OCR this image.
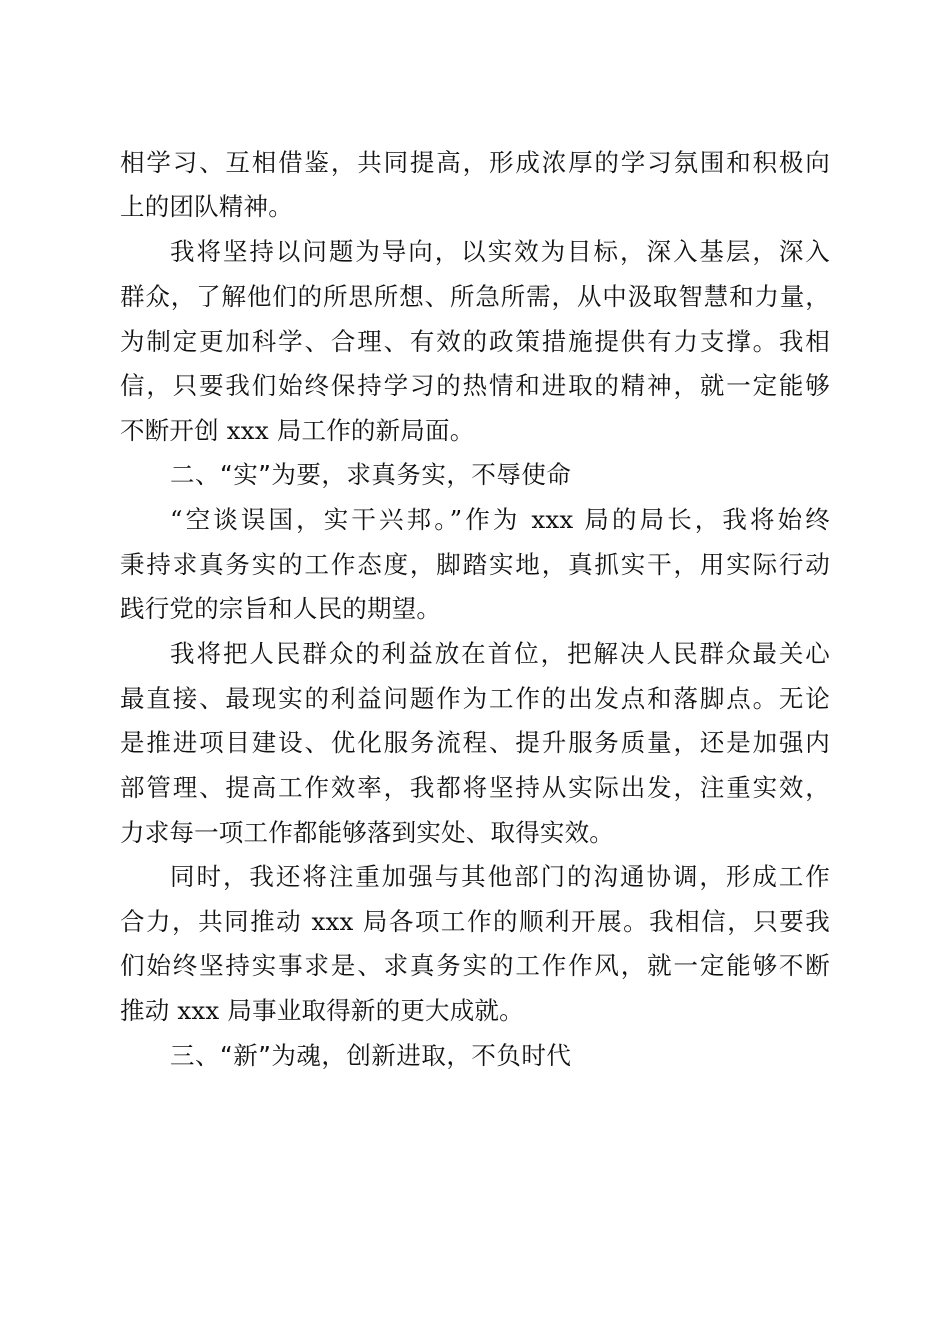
相学习、互相借鉴，共同提高，形成浓厚的学习氛围和积极向
上的团队精神。
我将坚持以问题为导向，以实效为目标，深入基层，深入
群众，了解他们的所思所想、所急所需，从中汲取智慧和力量，
为制定更加科学、合理、有效的政策措施提供有力支撑。我相
信，只要我们始终保持学习的热情和进取的精神，就一定能够
不断开创 xxx 局工作的新局面。
二、“实”为要，求真务实，不辱使命
“空谈误国，实干兴邦。”作为 xxx 局的局长，我将始终
秉持求真务实的工作态度，脚踏实地，真抓实干，用实际行动
践行党的宗旨和人民的期望。
我将把人民群众的利益放在首位，把解决人民群众最关心
最直接、最现实的利益问题作为工作的出发点和落脚点。无论
是推进项目建设、优化服务流程、提升服务质量，还是加强内
部管理、提高工作效率，我都将坚持从实际出发，注重实效，
力求每一项工作都能够落到实处、取得实效。
同时，我还将注重加强与其他部门的沟通协调，形成工作
合力，共同推动 xxx 局各项工作的顺利开展。我相信，只要我
们始终坚持实事求是、求真务实的工作作风，就一定能够不断
推动 xxx 局事业取得新的更大成就。
三、“新”为魂，创新进取，不负时代
